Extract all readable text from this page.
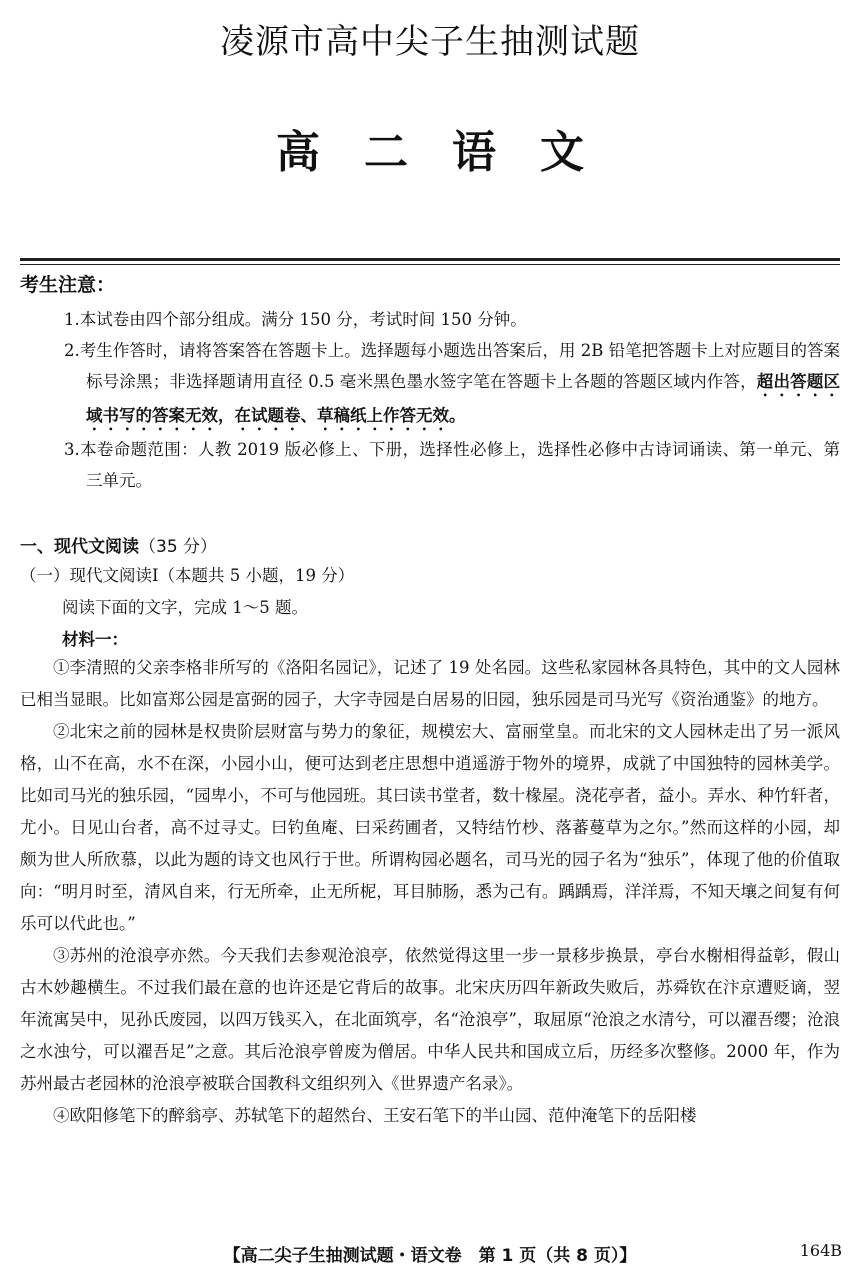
凌源市高中尖子生抽测试题
高二语文
考生注意：
1.本试卷由四个部分组成。满分 150 分，考试时间 150 分钟。
2.考生作答时，请将答案答在答题卡上。选择题每小题选出答案后，用 2B 铅笔把答题卡上对应题目的答案标号涂黑；非选择题请用直径 0.5 毫米黑色墨水签字笔在答题卡上各题的答题区域内作答，超出答题区域书写的答案无效，在试题卷、草稿纸上作答无效。
3.本卷命题范围：人教 2019 版必修上、下册，选择性必修上，选择性必修中古诗词诵读、第一单元、第三单元。
一、现代文阅读（35 分）
（一）现代文阅读Ⅰ（本题共 5 小题，19 分）
阅读下面的文字，完成 1～5 题。
材料一：

①李清照的父亲李格非所写的《洛阳名园记》，记述了 19 处名园。这些私家园林各具特色，其中的文人园林已相当显眼。比如富郑公园是富弼的园子，大字寺园是白居易的旧园，独乐园是司马光写《资治通鉴》的地方。

②北宋之前的园林是权贵阶层财富与势力的象征，规模宏大、富丽堂皇。而北宋的文人园林走出了另一派风格，山不在高，水不在深，小园小山，便可达到老庄思想中逍遥游于物外的境界，成就了中国独特的园林美学。比如司马光的独乐园，“园卑小，不可与他园班。其曰读书堂者，数十椽屋。浇花亭者，益小。弄水、种竹轩者，尤小。日见山台者，高不过寻丈。曰钓鱼庵、曰采药圃者，又特结竹杪、落蕃蔓草为之尔。”然而这样的小园，却颇为世人所欣慕，以此为题的诗文也风行于世。所谓构园必题名，司马光的园子名为“独乐”，体现了他的价值取向：“明月时至，清风自来，行无所牵，止无所柅，耳目肺肠，悉为己有。踽踽焉，洋洋焉，不知天壤之间复有何乐可以代此也。”

③苏州的沧浪亭亦然。今天我们去参观沧浪亭，依然觉得这里一步一景移步换景，亭台水榭相得益彰，假山古木妙趣横生。不过我们最在意的也许还是它背后的故事。北宋庆历四年新政失败后，苏舜钦在汴京遭贬谪，翌年流寓吴中，见孙氏废园，以四万钱买入，在北面筑亭，名“沧浪亭”，取屈原“沧浪之水清兮，可以濯吾缨；沧浪之水浊兮，可以濯吾足”之意。其后沧浪亭曾废为僧居。中华人民共和国成立后，历经多次整修。2000 年，作为苏州最古老园林的沧浪亭被联合国教科文组织列入《世界遗产名录》。

④欧阳修笔下的醉翁亭、苏轼笔下的超然台、王安石笔下的半山园、范仲淹笔下的岳阳楼

【高二尖子生抽测试题・语文卷　第 1 页（共 8 页）】	164B
